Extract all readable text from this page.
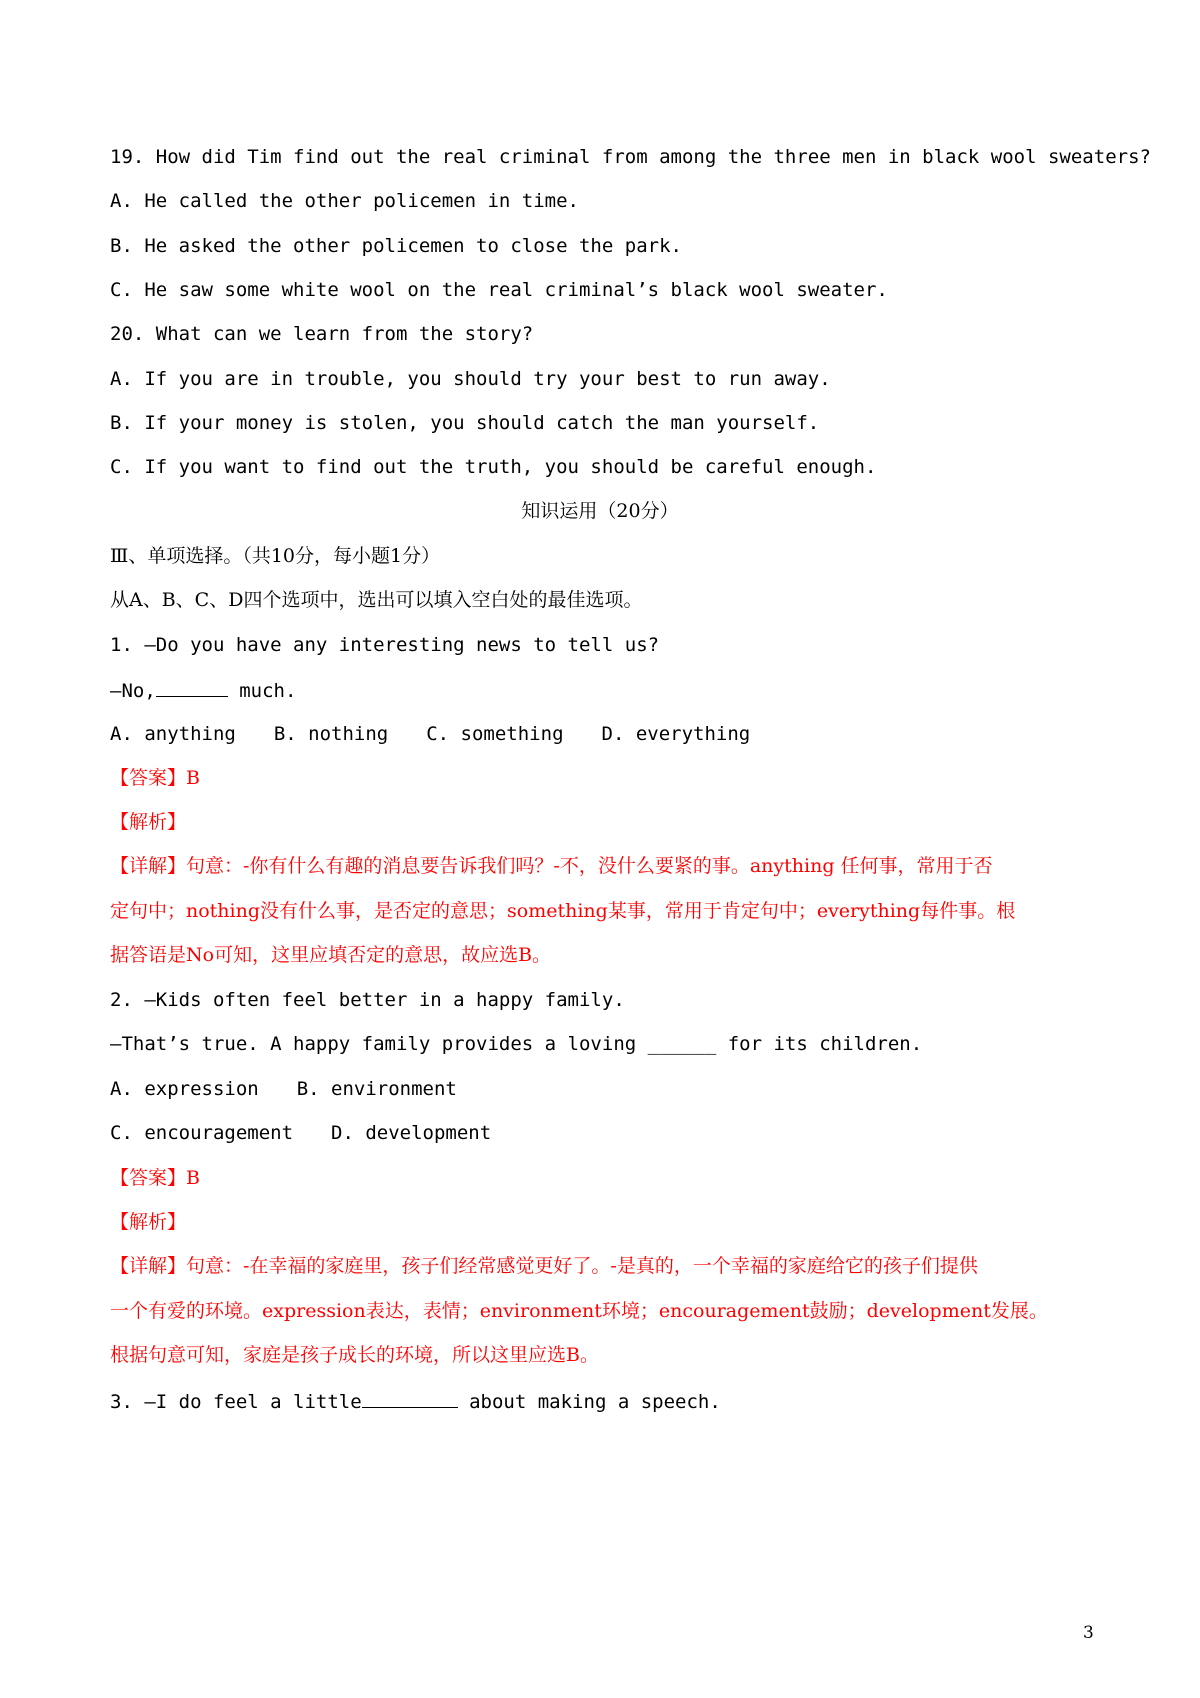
19. How did Tim find out the real criminal from among the three men in black wool sweaters?
A. He called the other policemen in time.
B. He asked the other policemen to close the park.
C. He saw some white wool on the real criminal’s black wool sweater.
20. What can we learn from the story?
A. If you are in trouble, you should try your best to run away.
B. If your money is stolen, you should catch the man yourself.
C. If you want to find out the truth, you should be careful enough.
知识运用（20分）
Ⅲ、单项选择。（共10分，每小题1分）
从A、B、C、D四个选项中，选出可以填入空白处的最佳选项。
1. —Do you have any interesting news to tell us?
—No,	much.
A. anything B. nothing C. something D. everything
【答案】B
【解析】
【详解】句意：-你有什么有趣的消息要告诉我们吗？-不，没什么要紧的事。anything 任何事，常用于否
定句中；nothing没有什么事，是否定的意思；something某事，常用于肯定句中；everything每件事。根
据答语是No可知，这里应填否定的意思，故应选B。
2. —Kids often feel better in a happy family.
—That’s true. A happy family provides a loving ______ for its children.
A. expression B. environment
C. encouragement D. development
【答案】B
【解析】
【详解】句意：-在幸福的家庭里，孩子们经常感觉更好了。-是真的，一个幸福的家庭给它的孩子们提供
一个有爱的环境。expression表达，表情；environment环境；encouragement鼓励；development发展。
根据句意可知，家庭是孩子成长的环境，所以这里应选B。
3. —I do feel a little	about making a speech.
3
